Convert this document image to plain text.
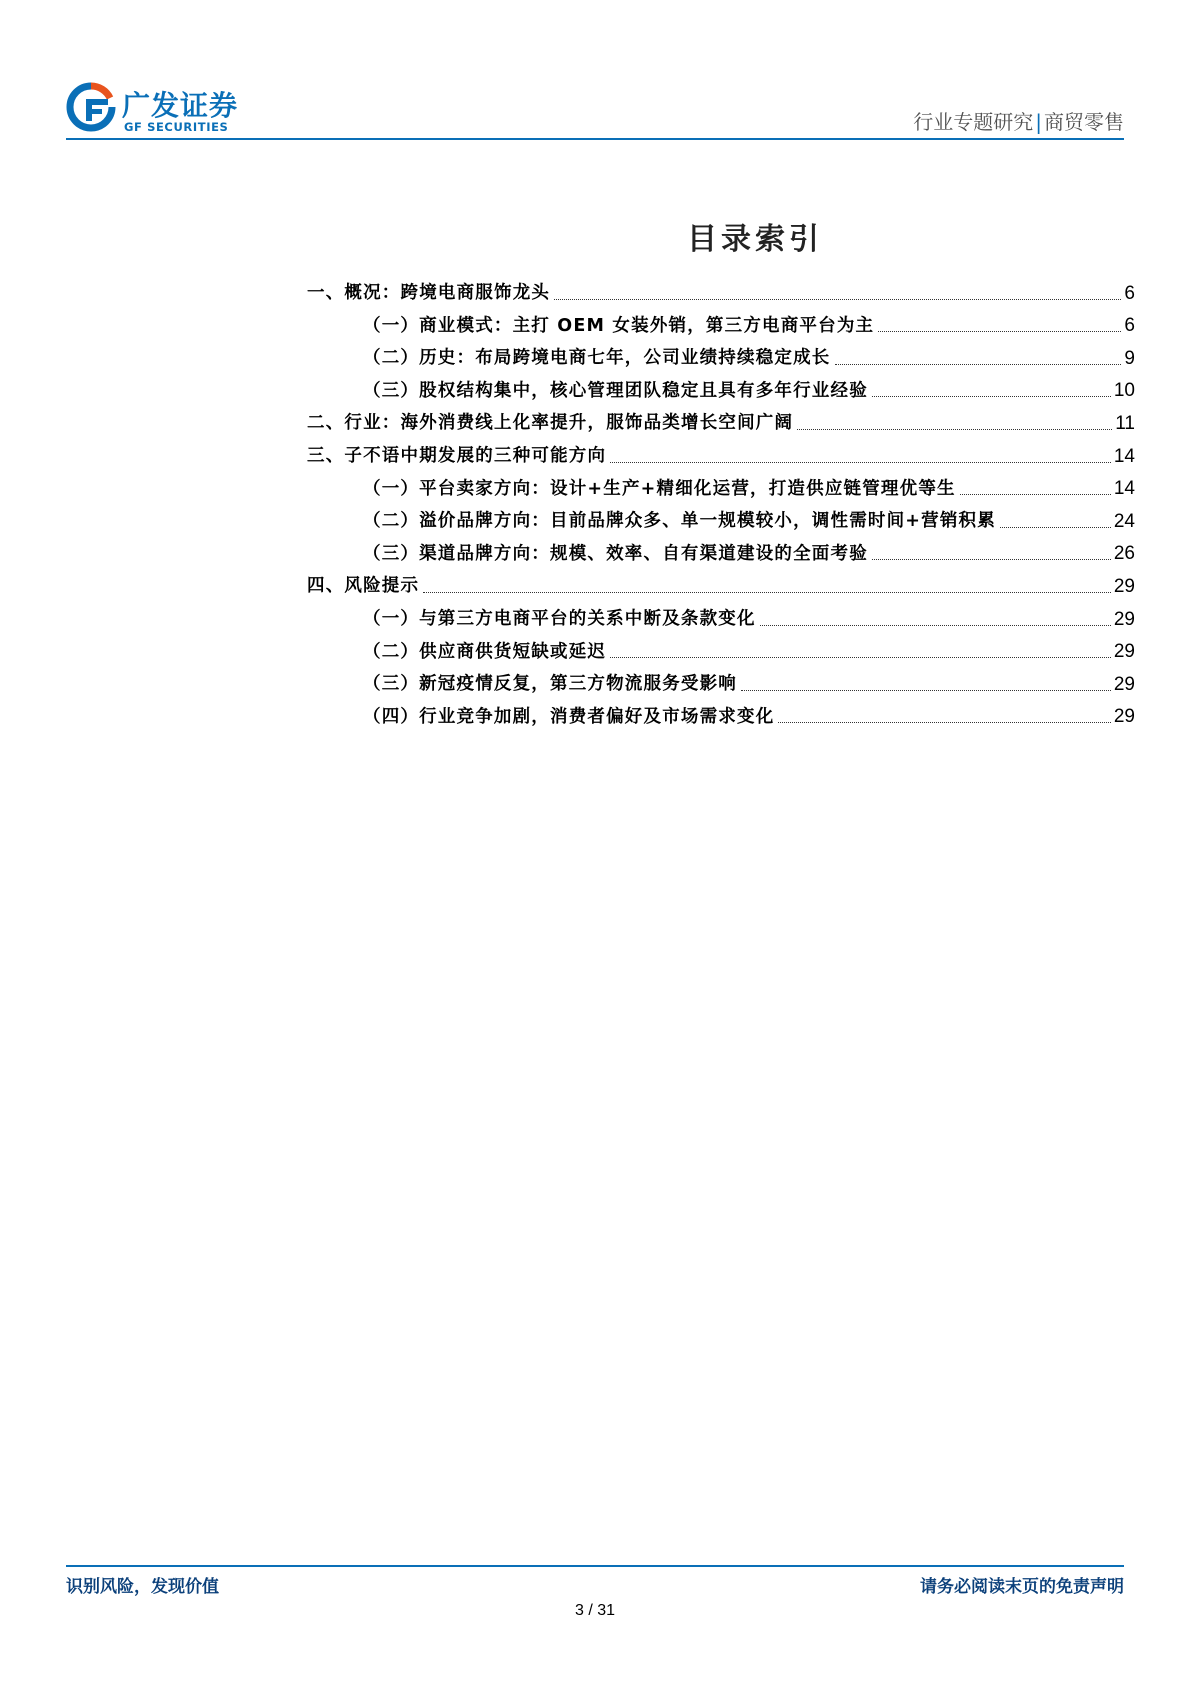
广发证券
GF SECURITIES	行业专题研究 | 商贸零售
目录索引
一、概况：跨境电商服饰龙头	6
（一）商业模式：主打 OEM 女装外销，第三方电商平台为主	6
（二）历史：布局跨境电商七年，公司业绩持续稳定成长	9
（三）股权结构集中，核心管理团队稳定且具有多年行业经验	10
二、行业：海外消费线上化率提升，服饰品类增长空间广阔	11
三、子不语中期发展的三种可能方向	14
（一）平台卖家方向：设计+生产+精细化运营，打造供应链管理优等生	14
（二）溢价品牌方向：目前品牌众多、单一规模较小，调性需时间+营销积累	24
（三）渠道品牌方向：规模、效率、自有渠道建设的全面考验	26
四、风险提示	29
（一）与第三方电商平台的关系中断及条款变化	29
（二）供应商供货短缺或延迟	29
（三）新冠疫情反复，第三方物流服务受影响	29
（四）行业竞争加剧，消费者偏好及市场需求变化	29
识别风险，发现价值	请务必阅读末页的免责声明
3 / 31
